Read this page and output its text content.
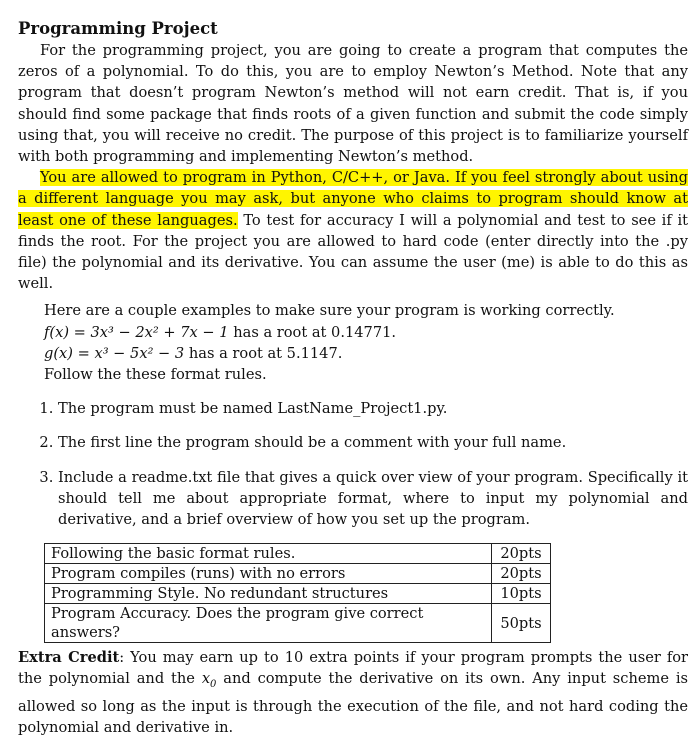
Programming Project

For the programming project, you are going to create a program that computes the zeros of a polynomial. To do this, you are to employ Newton’s Method. Note that any program that doesn’t program Newton’s method will not earn credit. That is, if you should find some package that finds roots of a given function and submit the code simply using that, you will receive no credit. The purpose of this project is to familiarize yourself with both programming and implementing Newton’s method.

You are allowed to program in Python, C/C++, or Java. If you feel strongly about using a different language you may ask, but anyone who claims to program should know at least one of these languages. To test for accuracy I will a polynomial and test to see if it finds the root. For the project you are allowed to hard code (enter directly into the .py file) the polynomial and its derivative. You can assume the user (me) is able to do this as well.

Here are a couple examples to make sure your program is working correctly.
f(x) = 3x³ − 2x² + 7x − 1 has a root at 0.14771.
g(x) = x³ − 5x² − 3 has a root at 5.1147.
Follow the these format rules.
1. The program must be named LastName_Project1.py.
2. The first line the program should be a comment with your full name.
3. Include a readme.txt file that gives a quick over view of your program. Specifically it should tell me about appropriate format, where to input my polynomial and derivative, and a brief overview of how you set up the program.
Following the basic format rules.	20pts
Program compiles (runs) with no errors	20pts
Programming Style. No redundant structures	10pts
Program Accuracy. Does the program give correct answers?	50pts

Extra Credit: You may earn up to 10 extra points if your program prompts the user for the polynomial and the $x_0$ and compute the derivative on its own. Any input scheme is allowed so long as the input is through the execution of the file, and not hard coding the polynomial and derivative in.
